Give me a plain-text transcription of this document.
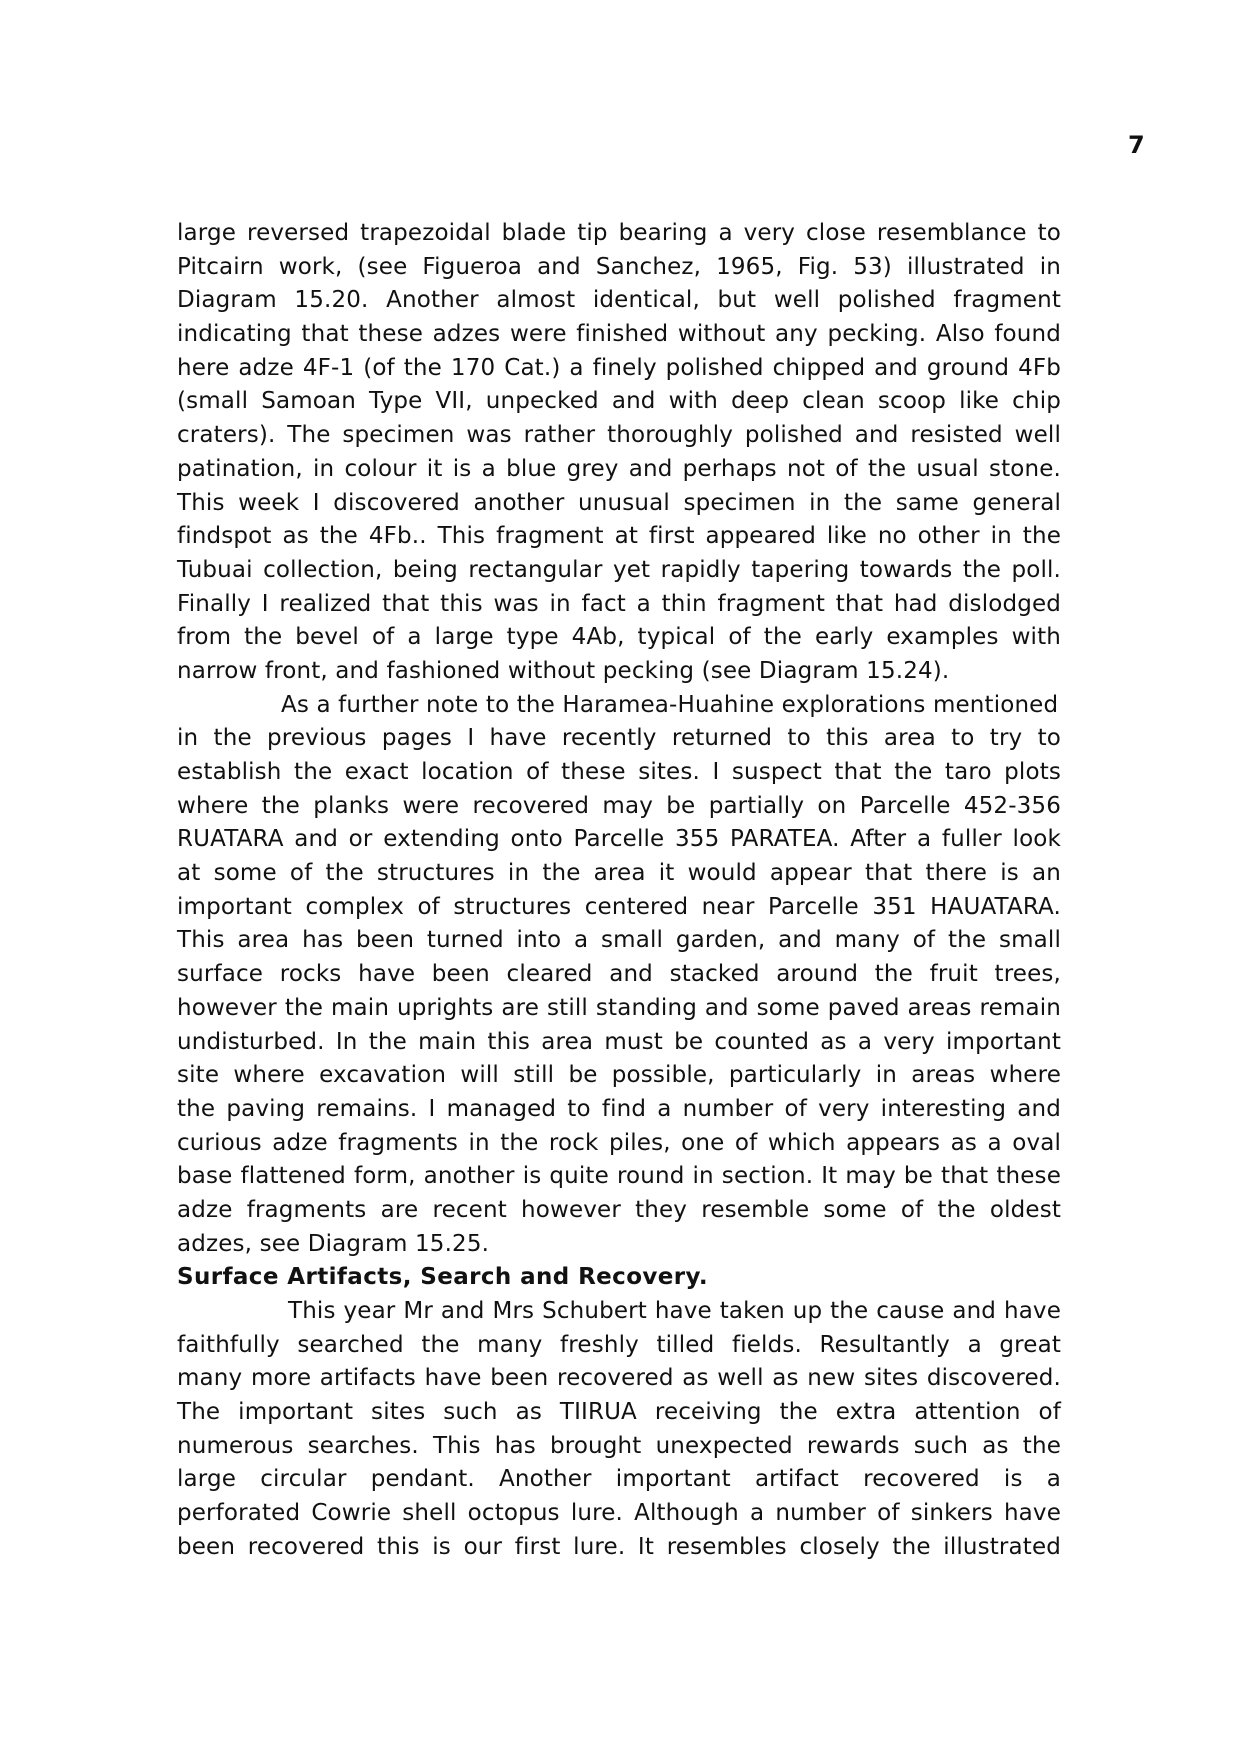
7
large reversed trapezoidal blade tip bearing a very close resemblance to
Pitcairn work, (see Figueroa and Sanchez, 1965, Fig. 53) illustrated in
Diagram 15.20. Another almost identical, but well polished fragment
indicating that these adzes were finished without any pecking. Also found
here adze 4F-1 (of the 170 Cat.) a finely polished chipped and ground 4Fb
(small Samoan Type VII, unpecked and with deep clean scoop like chip
craters). The specimen was rather thoroughly polished and resisted well
patination, in colour it is a blue grey and perhaps not of the usual stone.
This week I discovered another unusual specimen in the same general
findspot as the 4Fb.. This fragment at first appeared like no other in the
Tubuai collection, being rectangular yet rapidly tapering towards the poll.
Finally I realized that this was in fact a thin fragment that had dislodged
from the bevel of a large type 4Ab, typical of the early examples with
narrow front, and fashioned without pecking (see Diagram 15.24).
As a further note to the Haramea-Huahine explorations mentioned
in the previous pages I have recently returned to this area to try to
establish the exact location of these sites. I suspect that the taro plots
where the planks were recovered may be partially on Parcelle 452-356
RUATARA and or extending onto Parcelle 355 PARATEA. After a fuller look
at some of the structures in the area it would appear that there is an
important complex of structures centered near Parcelle 351 HAUATARA.
This area has been turned into a small garden, and many of the small
surface rocks have been cleared and stacked around the fruit trees,
however the main uprights are still standing and some paved areas remain
undisturbed. In the main this area must be counted as a very important
site where excavation will still be possible, particularly in areas where
the paving remains. I managed to find a number of very interesting and
curious adze fragments in the rock piles, one of which appears as a oval
base flattened form, another is quite round in section. It may be that these
adze fragments are recent however they resemble some of the oldest
adzes, see Diagram 15.25.
Surface Artifacts, Search and Recovery.
This year Mr and Mrs Schubert have taken up the cause and have
faithfully searched the many freshly tilled fields. Resultantly a great
many more artifacts have been recovered as well as new sites discovered.
The important sites such as TIIRUA receiving the extra attention of
numerous searches. This has brought unexpected rewards such as the
large circular pendant. Another important artifact recovered is a
perforated Cowrie shell octopus lure. Although a number of sinkers have
been recovered this is our first lure. It resembles closely the illustrated
